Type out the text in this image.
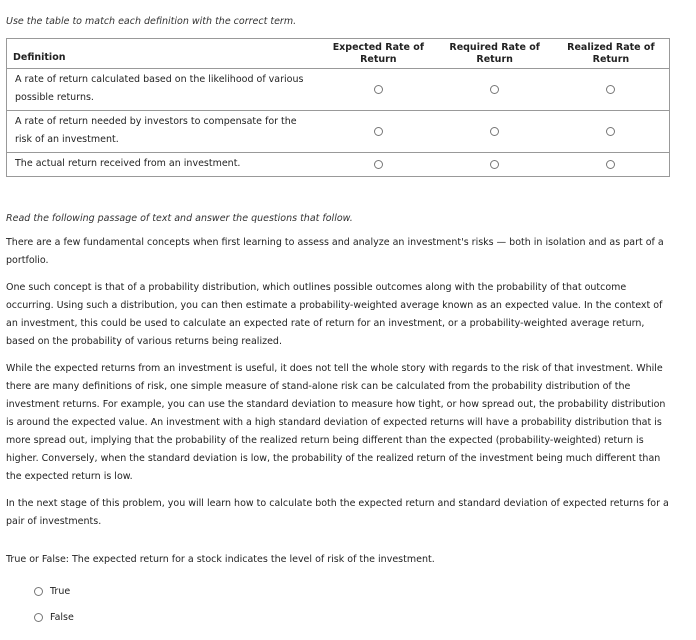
Use the table to match each definition with the correct term.
Definition	Expected Rate of Return	Required Rate of Return	Realized Rate of Return
A rate of return calculated based on the likelihood of various possible returns.			
A rate of return needed by investors to compensate for the risk of an investment.			
The actual return received from an investment.			
Read the following passage of text and answer the questions that follow.

There are a few fundamental concepts when first learning to assess and analyze an investment's risks — both in isolation and as part of a portfolio.

One such concept is that of a probability distribution, which outlines possible outcomes along with the probability of that outcome occurring. Using such a distribution, you can then estimate a probability-weighted average known as an expected value. In the context of an investment, this could be used to calculate an expected rate of return for an investment, or a probability-weighted average return, based on the probability of various returns being realized.

While the expected returns from an investment is useful, it does not tell the whole story with regards to the risk of that investment. While there are many definitions of risk, one simple measure of stand-alone risk can be calculated from the probability distribution of the investment returns. For example, you can use the standard deviation to measure how tight, or how spread out, the probability distribution is around the expected value. An investment with a high standard deviation of expected returns will have a probability distribution that is more spread out, implying that the probability of the realized return being different than the expected (probability-weighted) return is higher. Conversely, when the standard deviation is low, the probability of the realized return of the investment being much different than the expected return is low.

In the next stage of this problem, you will learn how to calculate both the expected return and standard deviation of expected returns for a pair of investments.

True or False: The expected return for a stock indicates the level of risk of the investment.
True
False
